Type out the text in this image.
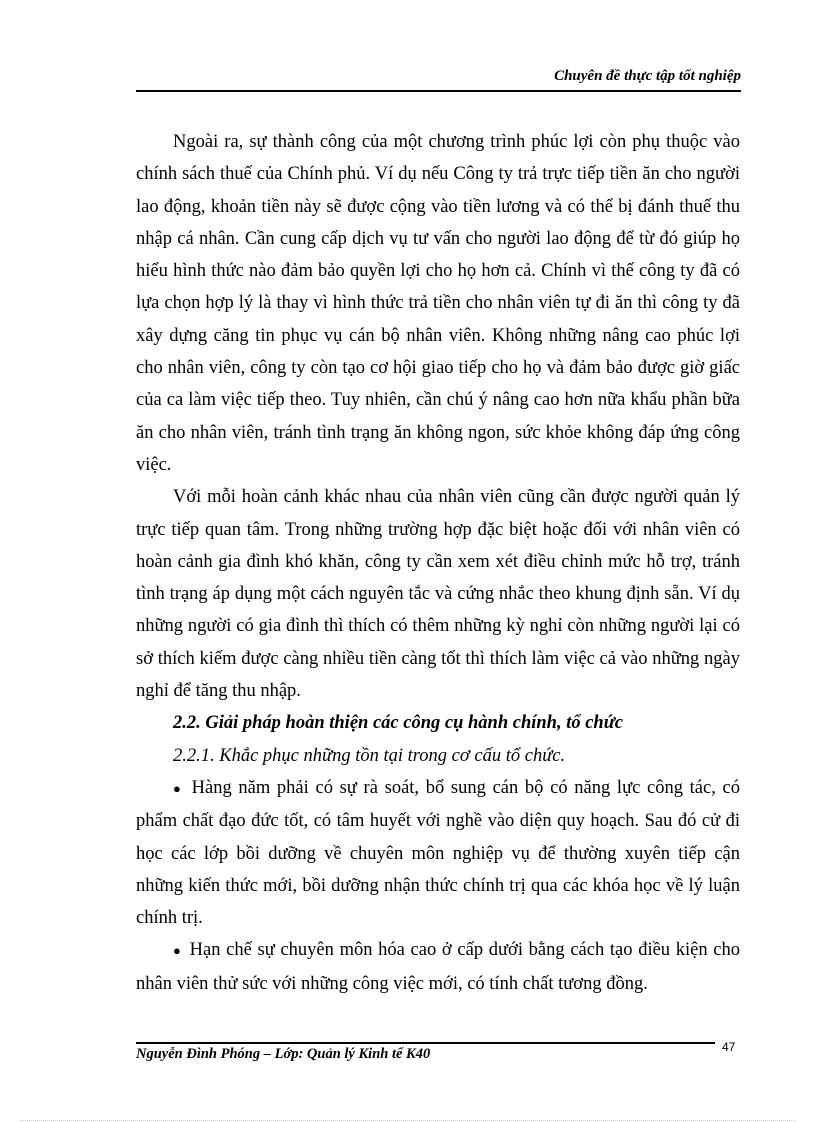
Chuyên đề thực tập tốt nghiệp

Ngoài ra, sự thành công của một chương trình phúc lợi còn phụ thuộc vào chính sách thuế của Chính phủ. Ví dụ nếu Công ty trả trực tiếp tiền ăn cho người lao động, khoản tiền này sẽ được cộng vào tiền lương và có thể bị đánh thuế thu nhập cá nhân. Cần cung cấp dịch vụ tư vấn cho người lao động để từ đó giúp họ hiểu hình thức nào đảm bảo quyền lợi cho họ hơn cả. Chính vì thế công ty đã có lựa chọn hợp lý là thay vì hình thức trả tiền cho nhân viên tự đi ăn thì công ty đã xây dựng căng tin phục vụ cán bộ nhân viên. Không những nâng cao phúc lợi cho nhân viên, công ty còn tạo cơ hội giao tiếp cho họ và đảm bảo được giờ giấc của ca làm việc tiếp theo. Tuy nhiên, cần chú ý nâng cao hơn nữa khẩu phần bữa ăn cho nhân viên, tránh tình trạng ăn không ngon, sức khỏe không đáp ứng công việc.

Với mỗi hoàn cảnh khác nhau của nhân viên cũng cần được người quản lý trực tiếp quan tâm. Trong những trường hợp đặc biệt hoặc đối với nhân viên có hoàn cảnh gia đình khó khăn, công ty cần xem xét điều chỉnh mức hỗ trợ, tránh tình trạng áp dụng một cách nguyên tắc và cứng nhắc theo khung định sẵn. Ví dụ những người có gia đình thì thích có thêm những kỳ nghỉ còn những người lại có sở thích kiếm được càng nhiều tiền càng tốt thì thích làm việc cả vào những ngày nghỉ để tăng thu nhập.

2.2. Giải pháp hoàn thiện các công cụ hành chính, tổ chức

2.2.1. Khắc phục những tồn tại trong cơ cấu tổ chức.

● Hàng năm phải có sự rà soát, bổ sung cán bộ có năng lực công tác, có phẩm chất đạo đức tốt, có tâm huyết với nghề vào diện quy hoạch. Sau đó cử đi học các lớp bồi dưỡng về chuyên môn nghiệp vụ để thường xuyên tiếp cận những kiến thức mới, bồi dưỡng nhận thức chính trị qua các khóa học về lý luận chính trị.

● Hạn chế sự chuyên môn hóa cao ở cấp dưới bằng cách tạo điều kiện cho nhân viên thử sức với những công việc mới, có tính chất tương đồng.

Nguyễn Đình Phóng – Lớp: Quản lý Kinh tế K40	47
